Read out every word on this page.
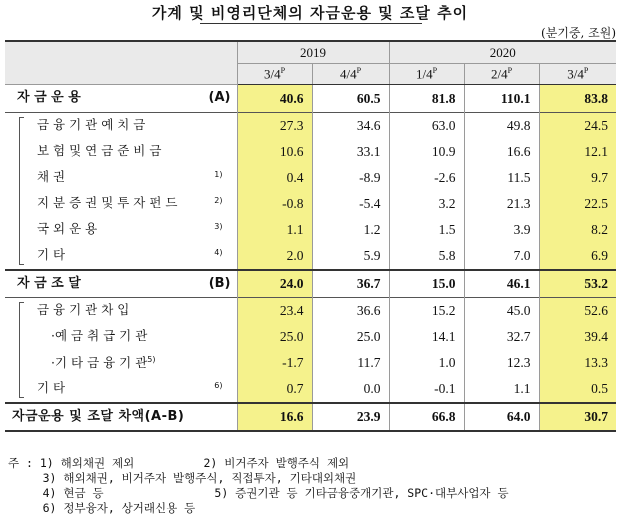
가계 및 비영리단체의 자금운용 및 조달 추이
(분기중, 조원)
	2019		2020		
	$3/4^P$	$4/4^P$	$1/4^P$	$2/4^P$	$3/4^P$

자 금 운 용 (A)	40.6	60.5	81.8	110.1	83.8

금 융 기 관 예 치 금	27.3	34.6	63.0	49.8	24.5

보 험 및 연 금 준 비 금	10.6	33.1	10.9	16.6	12.1

채 권 1)	0.4	-8.9	-2.6	11.5	9.7

지 분 증 권 및 투 자 펀 드 2)	-0.8	-5.4	3.2	21.3	22.5

국 외 운 용 3)	1.1	1.2	1.5	3.9	8.2

기 타 4)	2.0	5.9	5.8	7.0	6.9

자 금 조 달 (B)	24.0	36.7	15.0	46.1	53.2

금 융 기 관 차 입	23.4	36.6	15.2	45.0	52.6

·예 금 취 급 기 관	25.0	25.0	14.1	32.7	39.4

·기 타 금 융 기 관$^{5)}$	-1.7	11.7	1.0	12.3	13.3

기 타 6)	0.7	0.0	-0.1	1.1	0.5

자금운용 및 조달 차액(A-B)	16.6	23.9	66.8	64.0	30.7
주 : 1) 해외채권 제외          2) 비거주자 발행주식 제외
3) 해외채권, 비거주자 발행주식, 직접투자, 기타대외채권
4) 현금 등                5) 증권기관 등 기타금융중개기관, SPC·대부사업자 등
6) 정부융자, 상거래신용 등
